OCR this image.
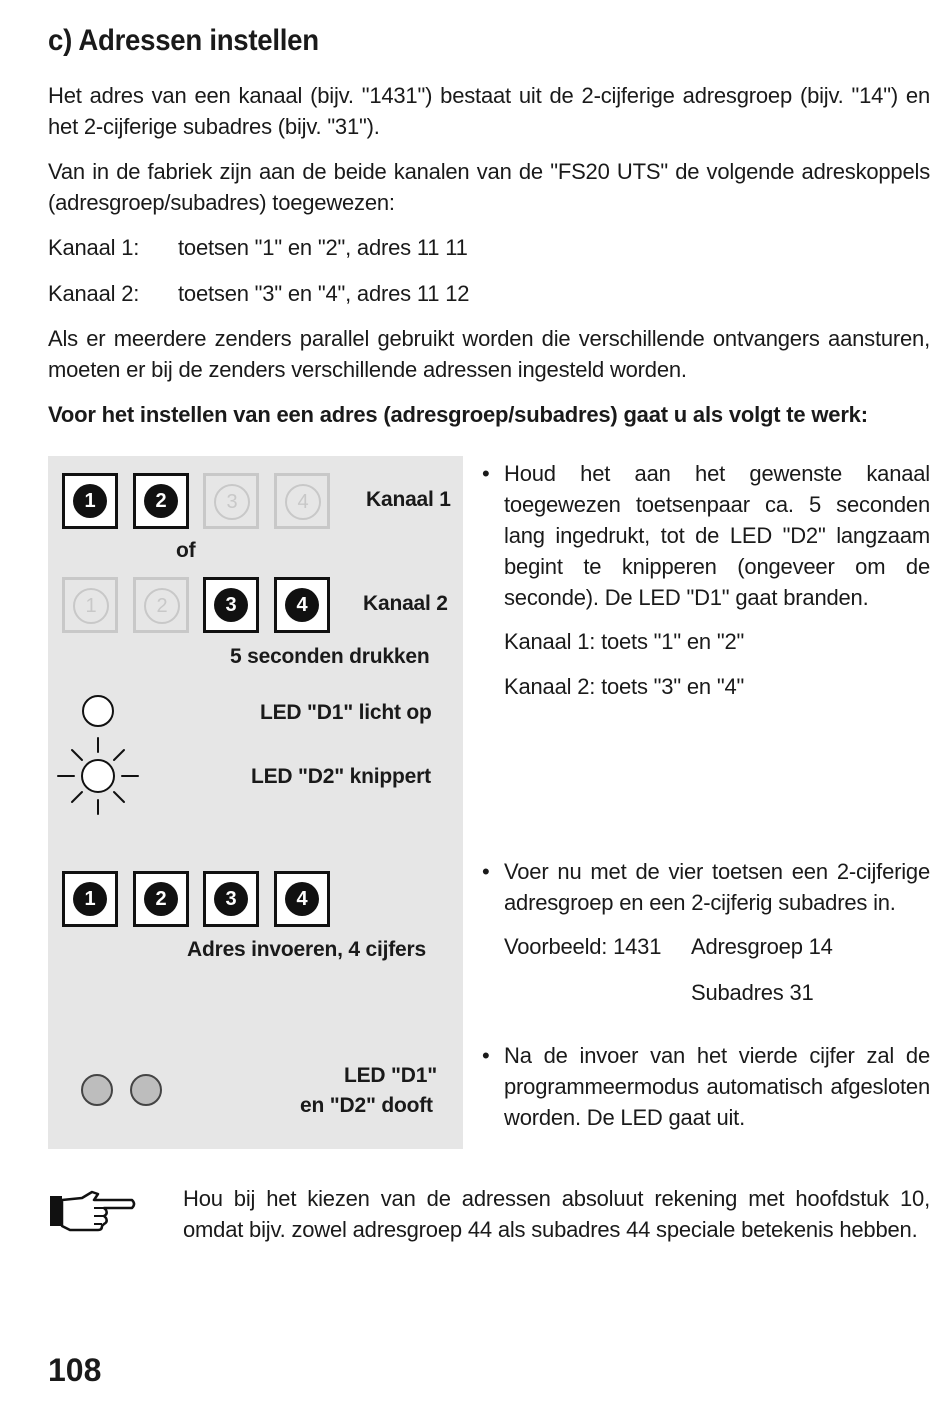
c) Adressen instellen

Het adres van een kanaal (bijv. "1431") bestaat uit de 2-cijferige adresgroep (bijv. "14") en het 2-cijferige subadres (bijv. "31").

Van in de fabriek zijn aan de beide kanalen van de "FS20 UTS" de volgende adreskoppels (adresgroep/subadres) toegewezen:

Kanaal 1: toetsen "1" en "2", adres 11 11
Kanaal 2: toetsen "3" en "4", adres 11 12

Als er meerdere zenders parallel gebruikt worden die verschillende ontvangers aansturen, moeten er bij de zenders verschillende adressen ingesteld worden.

Voor het instellen van een adres (adresgroep/subadres) gaat u als volgt te werk:

1	2	3	4	Kanaal 1
of
1	2	3	4	Kanaal 2
5 seconden drukken
LED "D1" licht op
LED "D2" knippert
1	2	3	4
Adres invoeren, 4 cijfers
LED "D1"
en "D2" dooft
• Houd het aan het gewenste kanaal toegewezen toetsenpaar ca. 5 seconden lang ingedrukt, tot de LED "D2" langzaam begint te knipperen (ongeveer om de seconde). De LED "D1" gaat branden.
Kanaal 1: toets "1" en "2"
Kanaal 2: toets "3" en "4"
• Voer nu met de vier toetsen een 2-cijferige adresgroep en een 2-cijferig subadres in.
Voorbeeld: 1431 Adresgroep 14
Subadres 31
• Na de invoer van het vierde cijfer zal de programmeermodus automatisch afgesloten worden. De LED gaat uit.
Hou bij het kiezen van de adressen absoluut rekening met hoofdstuk 10, omdat bijv. zowel adresgroep 44 als subadres 44 speciale betekenis hebben.
108
